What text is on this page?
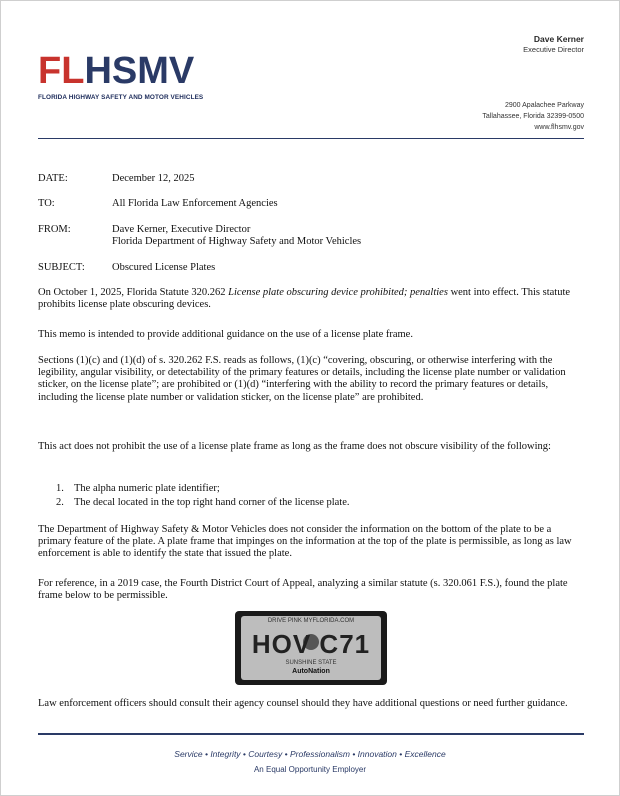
FLHSMV
FLORIDA HIGHWAY SAFETY AND MOTOR VEHICLES
Dave Kerner
Executive Director
2900 Apalachee Parkway
Tallahassee, Florida 32399-0500
www.flhsmv.gov
DATE:	December 12, 2025
TO:	All Florida Law Enforcement Agencies
FROM:	Dave Kerner, Executive Director
Florida Department of Highway Safety and Motor Vehicles
SUBJECT:	Obscured License Plates

On October 1, 2025, Florida Statute 320.262 License plate obscuring device prohibited; penalties went into effect. This statute prohibits license plate obscuring devices.

This memo is intended to provide additional guidance on the use of a license plate frame.

Sections (1)(c) and (1)(d) of s. 320.262 F.S. reads as follows, (1)(c) “covering, obscuring, or otherwise interfering with the legibility, angular visibility, or detectability of the primary features or details, including the license plate number or validation sticker, on the license plate”; are prohibited or (1)(d) “interfering with the ability to record the primary features or details, including the license plate number or validation sticker, on the license plate” are prohibited.

This act does not prohibit the use of a license plate frame as long as the frame does not obscure visibility of the following:

1. The alpha numeric plate identifier;
2. The decal located in the top right hand corner of the license plate.

The Department of Highway Safety & Motor Vehicles does not consider the information on the bottom of the plate to be a primary feature of the plate. A plate frame that impinges on the information at the top of the plate is permissible, as long as law enforcement is able to identify the state that issued the plate.

For reference, in a 2019 case, the Fourth District Court of Appeal, analyzing a similar statute (s. 320.061 F.S.), found the plate frame below to be permissible.

DRIVE PINK MYFLORIDA.COM
HOV C71
SUNSHINE STATE
AutoNation

Law enforcement officers should consult their agency counsel should they have additional questions or need further guidance.

Service • Integrity • Courtesy • Professionalism • Innovation • Excellence
An Equal Opportunity Employer
